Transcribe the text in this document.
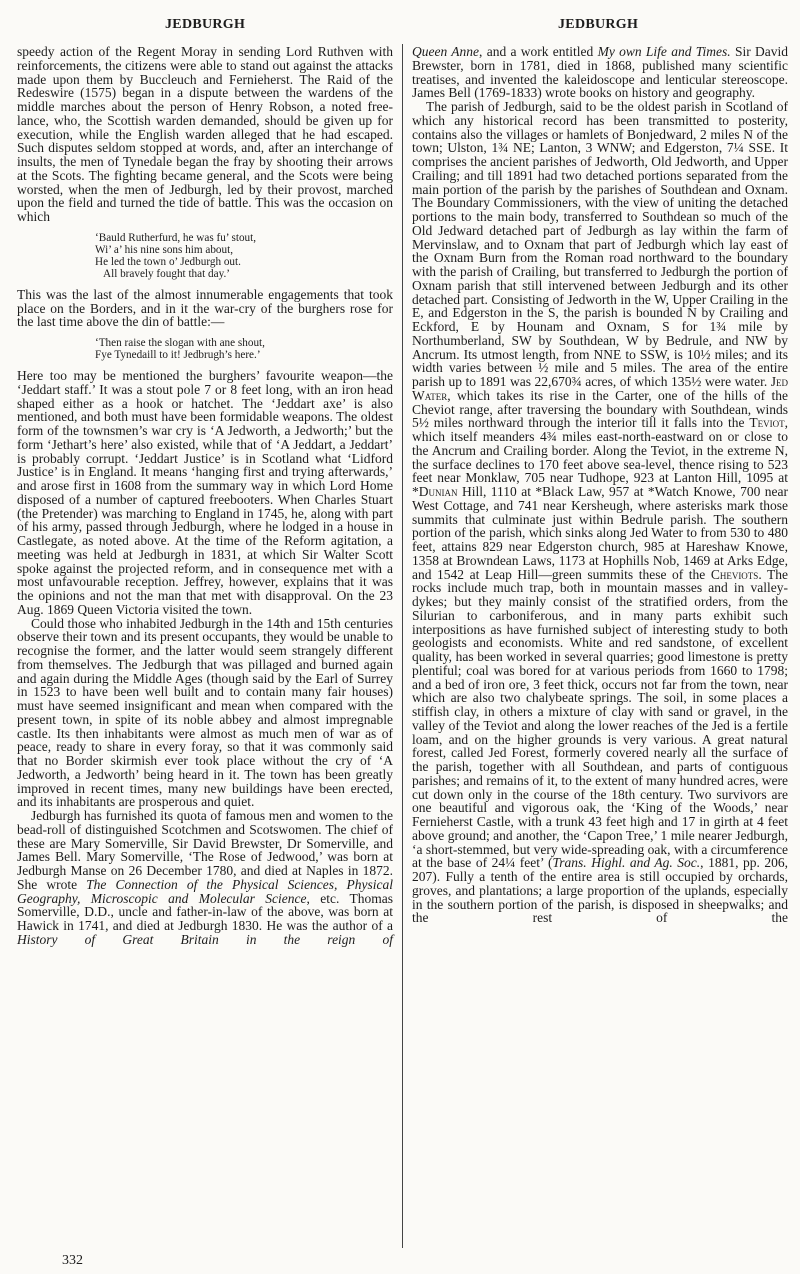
JEDBURGH	JEDBURGH

speedy action of the Regent Moray in sending Lord Ruthven with reinforcements, the citizens were able to stand out against the attacks made upon them by Buccleuch and Fernieherst. The Raid of the Redeswire (1575) began in a dispute between the wardens of the middle marches about the person of Henry Robson, a noted free-lance, who, the Scottish warden demanded, should be given up for execution, while the English warden alleged that he had escaped. Such disputes seldom stopped at words, and, after an interchange of insults, the men of Tynedale began the fray by shooting their arrows at the Scots. The fighting became general, and the Scots were being worsted, when the men of Jedburgh, led by their provost, marched upon the field and turned the tide of battle. This was the occasion on which

‘Bauld Rutherfurd, he was fu’ stout,
Wi’ a’ his nine sons him about,
He led the town o’ Jedburgh out.
All bravely fought that day.’

This was the last of the almost innumerable engagements that took place on the Borders, and in it the war-cry of the burghers rose for the last time above the din of battle:—

‘Then raise the slogan with ane shout,
Fye Tynedaill to it! Jedbrugh’s here.’

Here too may be mentioned the burghers’ favourite weapon—the ‘Jeddart staff.’ It was a stout pole 7 or 8 feet long, with an iron head shaped either as a hook or hatchet. The ‘Jeddart axe’ is also mentioned, and both must have been formidable weapons. The oldest form of the townsmen’s war cry is ‘A Jedworth, a Jedworth;’ but the form ‘Jethart’s here’ also existed, while that of ‘A Jeddart, a Jeddart’ is probably corrupt. ‘Jeddart Justice’ is in Scotland what ‘Lidford Justice’ is in England. It means ‘hanging first and trying afterwards,’ and arose first in 1608 from the summary way in which Lord Home disposed of a number of captured freebooters. When Charles Stuart (the Pretender) was marching to England in 1745, he, along with part of his army, passed through Jedburgh, where he lodged in a house in Castlegate, as noted above. At the time of the Reform agitation, a meeting was held at Jedburgh in 1831, at which Sir Walter Scott spoke against the projected reform, and in consequence met with a most unfavourable reception. Jeffrey, however, explains that it was the opinions and not the man that met with disapproval. On the 23 Aug. 1869 Queen Victoria visited the town.

Could those who inhabited Jedburgh in the 14th and 15th centuries observe their town and its present occupants, they would be unable to recognise the former, and the latter would seem strangely different from themselves. The Jedburgh that was pillaged and burned again and again during the Middle Ages (though said by the Earl of Surrey in 1523 to have been well built and to contain many fair houses) must have seemed insignificant and mean when compared with the present town, in spite of its noble abbey and almost impregnable castle. Its then inhabitants were almost as much men of war as of peace, ready to share in every foray, so that it was commonly said that no Border skirmish ever took place without the cry of ‘A Jedworth, a Jedworth’ being heard in it. The town has been greatly improved in recent times, many new buildings have been erected, and its inhabitants are prosperous and quiet.

Jedburgh has furnished its quota of famous men and women to the bead-roll of distinguished Scotchmen and Scotswomen. The chief of these are Mary Somerville, Sir David Brewster, Dr Somerville, and James Bell. Mary Somerville, ‘The Rose of Jedwood,’ was born at Jedburgh Manse on 26 December 1780, and died at Naples in 1872. She wrote The Connection of the Physical Sciences, Physical Geography, Microscopic and Molecular Science, etc. Thomas Somerville, D.D., uncle and father-in-law of the above, was born at Hawick in 1741, and died at Jedburgh 1830. He was the author of a History of Great Britain in the reign of

Queen Anne, and a work entitled My own Life and Times. Sir David Brewster, born in 1781, died in 1868, published many scientific treatises, and invented the kaleidoscope and lenticular stereoscope. James Bell (1769-1833) wrote books on history and geography.

The parish of Jedburgh, said to be the oldest parish in Scotland of which any historical record has been transmitted to posterity, contains also the villages or hamlets of Bonjedward, 2 miles N of the town; Ulston, 1¾ NE; Lanton, 3 WNW; and Edgerston, 7¼ SSE. It comprises the ancient parishes of Jedworth, Old Jedworth, and Upper Crailing; and till 1891 had two detached portions separated from the main portion of the parish by the parishes of Southdean and Oxnam. The Boundary Commissioners, with the view of uniting the detached portions to the main body, transferred to Southdean so much of the Old Jedward detached part of Jedburgh as lay within the farm of Mervinslaw, and to Oxnam that part of Jedburgh which lay east of the Oxnam Burn from the Roman road northward to the boundary with the parish of Crailing, but transferred to Jedburgh the portion of Oxnam parish that still intervened between Jedburgh and its other detached part. Consisting of Jedworth in the W, Upper Crailing in the E, and Edgerston in the S, the parish is bounded N by Crailing and Eckford, E by Hounam and Oxnam, S for 1¾ mile by Northumberland, SW by Southdean, W by Bedrule, and NW by Ancrum. Its utmost length, from NNE to SSW, is 10½ miles; and its width varies between ½ mile and 5 miles. The area of the entire parish up to 1891 was 22,670¾ acres, of which 135½ were water. Jed Water, which takes its rise in the Carter, one of the hills of the Cheviot range, after traversing the boundary with Southdean, winds 5½ miles northward through the interior till it falls into the Teviot, which itself meanders 4¾ miles east-north-eastward on or close to the Ancrum and Crailing border. Along the Teviot, in the extreme N, the surface declines to 170 feet above sea-level, thence rising to 523 feet near Monklaw, 705 near Tudhope, 923 at Lanton Hill, 1095 at *Dunian Hill, 1110 at *Black Law, 957 at *Watch Knowe, 700 near West Cottage, and 741 near Kersheugh, where asterisks mark those summits that culminate just within Bedrule parish. The southern portion of the parish, which sinks along Jed Water to from 530 to 480 feet, attains 829 near Edgerston church, 985 at Hareshaw Knowe, 1358 at Browndean Laws, 1173 at Hophills Nob, 1469 at Arks Edge, and 1542 at Leap Hill—green summits these of the Cheviots. The rocks include much trap, both in mountain masses and in valley-dykes; but they mainly consist of the stratified orders, from the Silurian to carboniferous, and in many parts exhibit such interpositions as have furnished subject of interesting study to both geologists and economists. White and red sandstone, of excellent quality, has been worked in several quarries; good limestone is pretty plentiful; coal was bored for at various periods from 1660 to 1798; and a bed of iron ore, 3 feet thick, occurs not far from the town, near which are also two chalybeate springs. The soil, in some places a stiffish clay, in others a mixture of clay with sand or gravel, in the valley of the Teviot and along the lower reaches of the Jed is a fertile loam, and on the higher grounds is very various. A great natural forest, called Jed Forest, formerly covered nearly all the surface of the parish, together with all Southdean, and parts of contiguous parishes; and remains of it, to the extent of many hundred acres, were cut down only in the course of the 18th century. Two survivors are one beautiful and vigorous oak, the ‘King of the Woods,’ near Fernieherst Castle, with a trunk 43 feet high and 17 in girth at 4 feet above ground; and another, the ‘Capon Tree,’ 1 mile nearer Jedburgh, ‘a short-stemmed, but very wide-spreading oak, with a circumference at the base of 24¼ feet’ (Trans. Highl. and Ag. Soc., 1881, pp. 206, 207). Fully a tenth of the entire area is still occupied by orchards, groves, and plantations; a large proportion of the uplands, especially in the southern portion of the parish, is disposed in sheepwalks; and the rest of the

332
